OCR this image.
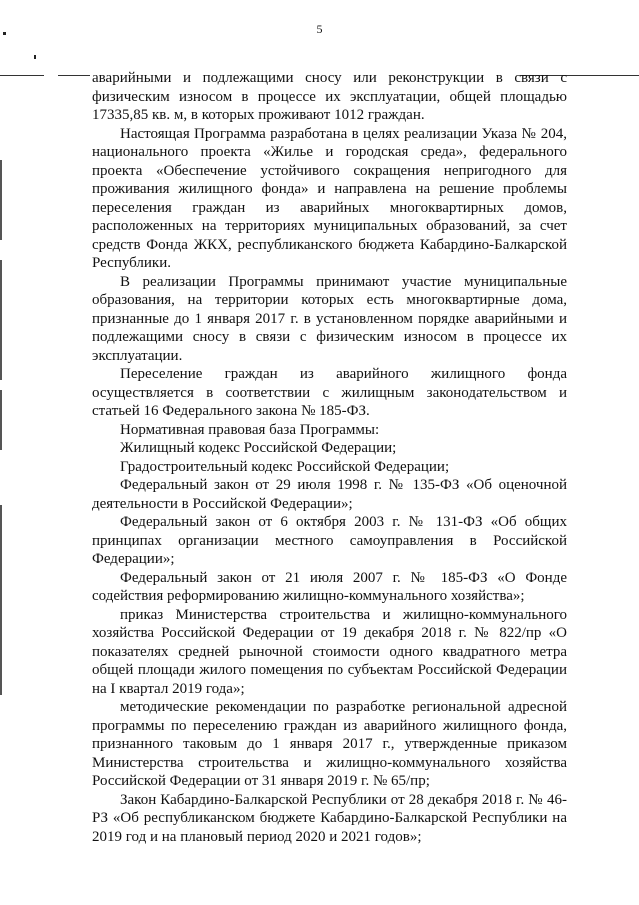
5

аварийными и подлежащими сносу или реконструкции в связи с физическим износом в процессе их эксплуатации, общей площадью 17335,85 кв. м, в которых проживают 1012 граждан.

Настоящая Программа разработана в целях реализации Указа № 204, национального проекта «Жилье и городская среда», федерального проекта «Обеспечение устойчивого сокращения непригодного для проживания жилищного фонда» и направлена на решение проблемы переселения граждан из аварийных многоквартирных домов, расположенных на территориях муниципальных образований, за счет средств Фонда ЖКХ, республиканского бюджета Кабардино-Балкарской Республики.

В реализации Программы принимают участие муниципальные образования, на территории которых есть многоквартирные дома, признанные до 1 января 2017 г. в установленном порядке аварийными и подлежащими сносу в связи с физическим износом в процессе их эксплуатации.

Переселение граждан из аварийного жилищного фонда осуществляется в соответствии с жилищным законодательством и статьей 16 Федерального закона № 185-ФЗ.

Нормативная правовая база Программы:

Жилищный кодекс Российской Федерации;

Градостроительный кодекс Российской Федерации;

Федеральный закон от 29 июля 1998 г. № 135-ФЗ «Об оценочной деятельности в Российской Федерации»;

Федеральный закон от 6 октября 2003 г. № 131-ФЗ «Об общих принципах организации местного самоуправления в Российской Федерации»;

Федеральный закон от 21 июля 2007 г. № 185-ФЗ «О Фонде содействия реформированию жилищно-коммунального хозяйства»;

приказ Министерства строительства и жилищно-коммунального хозяйства Российской Федерации от 19 декабря 2018 г. № 822/пр «О показателях средней рыночной стоимости одного квадратного метра общей площади жилого помещения по субъектам Российской Федерации на I квартал 2019 года»;

методические рекомендации по разработке региональной адресной программы по переселению граждан из аварийного жилищного фонда, признанного таковым до 1 января 2017 г., утвержденные приказом Министерства строительства и жилищно-коммунального хозяйства Российской Федерации от 31 января 2019 г. № 65/пр;

Закон Кабардино-Балкарской Республики от 28 декабря 2018 г. № 46-РЗ «Об республиканском бюджете Кабардино-Балкарской Республики на 2019 год и на плановый период 2020 и 2021 годов»;
